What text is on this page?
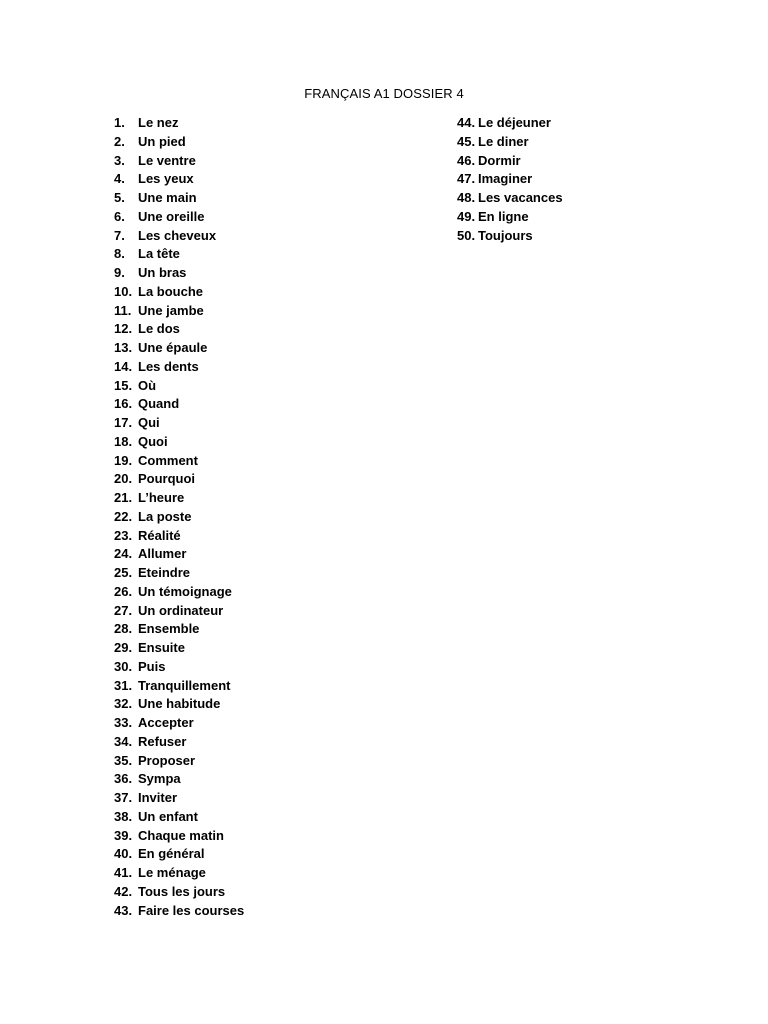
FRANÇAIS A1 DOSSIER 4
1. Le nez
2. Un pied
3. Le ventre
4. Les yeux
5. Une main
6. Une oreille
7. Les cheveux
8. La tête
9. Un bras
10. La bouche
11. Une jambe
12. Le dos
13. Une épaule
14. Les dents
15. Où
16. Quand
17. Qui
18. Quoi
19. Comment
20. Pourquoi
21. L’heure
22. La poste
23. Réalité
24. Allumer
25. Eteindre
26. Un témoignage
27. Un ordinateur
28. Ensemble
29. Ensuite
30. Puis
31. Tranquillement
32. Une habitude
33. Accepter
34. Refuser
35. Proposer
36. Sympa
37. Inviter
38. Un enfant
39. Chaque matin
40. En général
41. Le ménage
42. Tous les jours
43. Faire les courses
44. Le déjeuner
45. Le diner
46. Dormir
47. Imaginer
48. Les vacances
49. En ligne
50. Toujours
